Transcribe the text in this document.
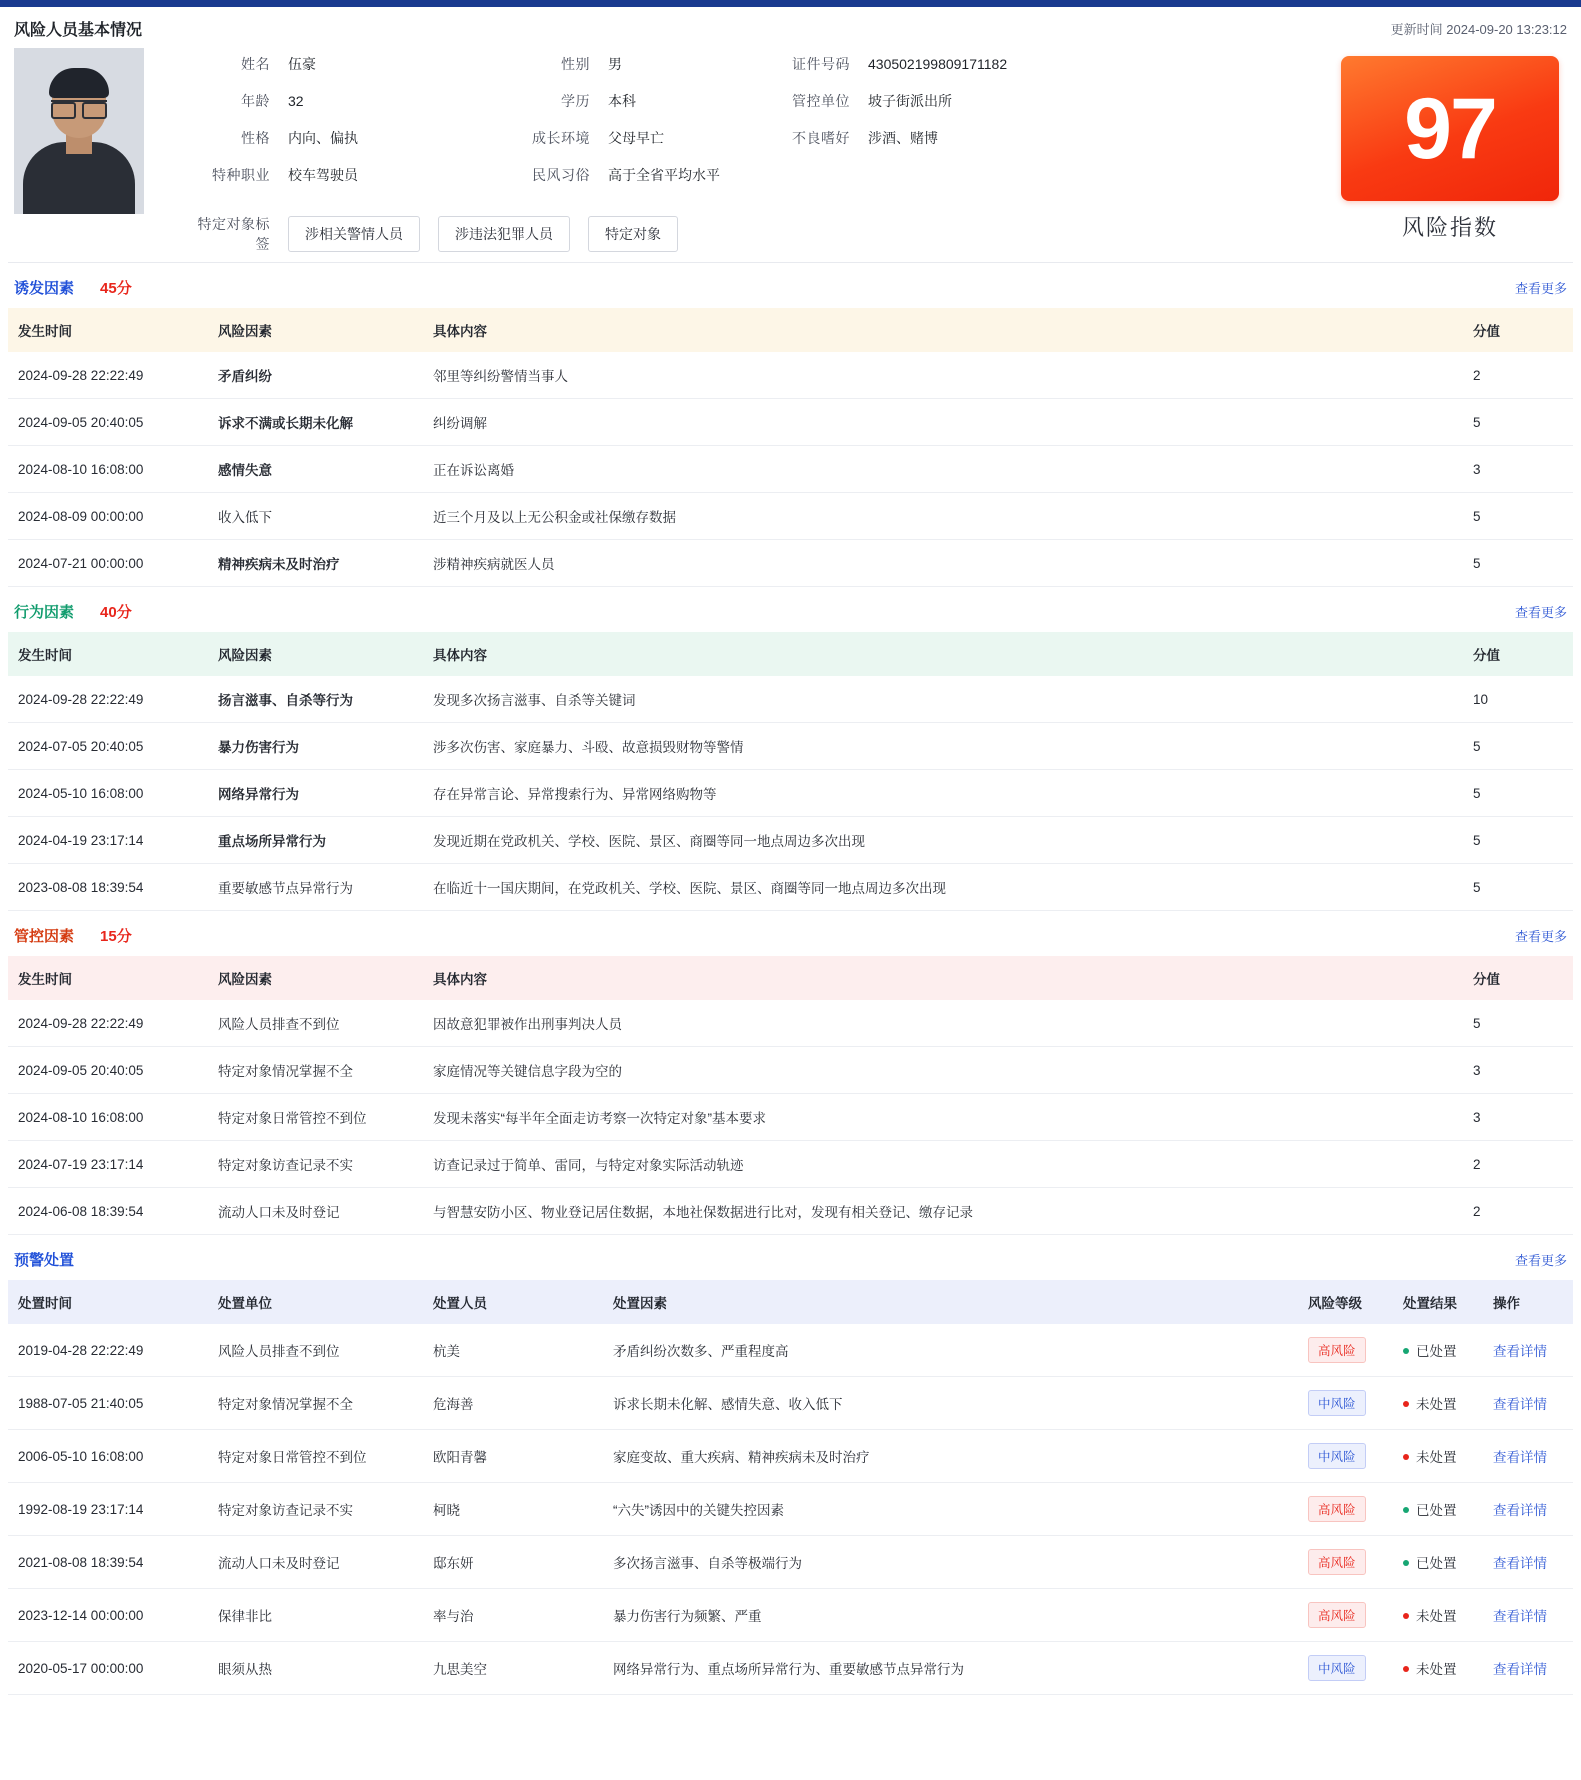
风险人员基本情况	更新时间 2024-09-20 13:23:12
姓名 伍豪	性别 男	证件号码 430502199809171182
年龄 32	学历 本科	管控单位 坡子街派出所
性格 内向、偏执	成长环境 父母早亡	不良嗜好 涉酒、赌博
特种职业 校车驾驶员	民风习俗 高于全省平均水平
特定对象标签
涉相关警情人员	涉违法犯罪人员	特定对象
97
风险指数
诱发因素 45分	查看更多
发生时间	风险因素	具体内容	分值
2024-09-28 22:22:49	矛盾纠纷	邻里等纠纷警情当事人	2
2024-09-05 20:40:05	诉求不满或长期未化解	纠纷调解	5
2024-08-10 16:08:00	感情失意	正在诉讼离婚	3
2024-08-09 00:00:00	收入低下	近三个月及以上无公积金或社保缴存数据	5
2024-07-21 00:00:00	精神疾病未及时治疗	涉精神疾病就医人员	5
行为因素 40分	查看更多
发生时间	风险因素	具体内容	分值
2024-09-28 22:22:49	扬言滋事、自杀等行为	发现多次扬言滋事、自杀等关键词	10
2024-07-05 20:40:05	暴力伤害行为	涉多次伤害、家庭暴力、斗殴、故意损毁财物等警情	5
2024-05-10 16:08:00	网络异常行为	存在异常言论、异常搜索行为、异常网络购物等	5
2024-04-19 23:17:14	重点场所异常行为	发现近期在党政机关、学校、医院、景区、商圈等同一地点周边多次出现	5
2023-08-08 18:39:54	重要敏感节点异常行为	在临近十一国庆期间，在党政机关、学校、医院、景区、商圈等同一地点周边多次出现	5
管控因素 15分	查看更多
发生时间	风险因素	具体内容	分值
2024-09-28 22:22:49	风险人员排查不到位	因故意犯罪被作出刑事判决人员	5
2024-09-05 20:40:05	特定对象情况掌握不全	家庭情况等关键信息字段为空的	3
2024-08-10 16:08:00	特定对象日常管控不到位	发现未落实“每半年全面走访考察一次特定对象”基本要求	3
2024-07-19 23:17:14	特定对象访查记录不实	访查记录过于简单、雷同，与特定对象实际活动轨迹	2
2024-06-08 18:39:54	流动人口未及时登记	与智慧安防小区、物业登记居住数据，本地社保数据进行比对，发现有相关登记、缴存记录	2
预警处置	查看更多
处置时间	处置单位	处置人员	处置因素	风险等级	处置结果	操作
2019-04-28 22:22:49	风险人员排查不到位	杭美	矛盾纠纷次数多、严重程度高	高风险	已处置	查看详情
1988-07-05 21:40:05	特定对象情况掌握不全	危海善	诉求长期未化解、感情失意、收入低下	中风险	未处置	查看详情
2006-05-10 16:08:00	特定对象日常管控不到位	欧阳青馨	家庭变故、重大疾病、精神疾病未及时治疗	中风险	未处置	查看详情
1992-08-19 23:17:14	特定对象访查记录不实	柯晓	“六失”诱因中的关键失控因素	高风险	已处置	查看详情
2021-08-08 18:39:54	流动人口未及时登记	邸东妍	多次扬言滋事、自杀等极端行为	高风险	已处置	查看详情
2023-12-14 00:00:00	保律非比	率与治	暴力伤害行为频繁、严重	高风险	未处置	查看详情
2020-05-17 00:00:00	眼须从热	九思美空	网络异常行为、重点场所异常行为、重要敏感节点异常行为	中风险	未处置	查看详情
